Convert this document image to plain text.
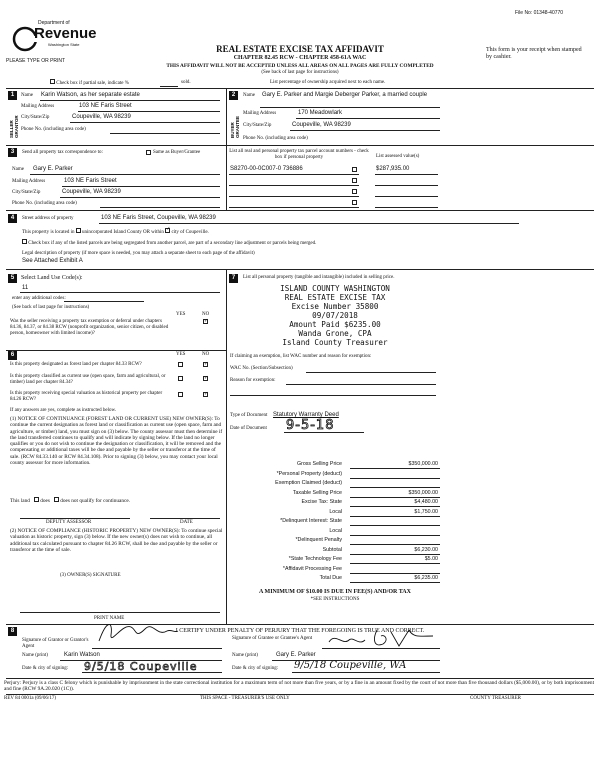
File No: 01348-40770
Department of
Revenue
Washington State
PLEASE TYPE OR PRINT
REAL ESTATE EXCISE TAX AFFIDAVIT
CHAPTER 82.45 RCW - CHAPTER 458-61A WAC
THIS AFFIDAVIT WILL NOT BE ACCEPTED UNLESS ALL AREAS ON ALL PAGES ARE FULLY COMPLETED
(See back of last page for instructions)
This form is your receipt when stamped by cashier.
Check box if partial sale, indicate %	sold.	List percentage of ownership acquired next to each name.
1
SELLER GRANTOR
Name Karin Watson, as her separate estate
Mailing Address	103 NE Faris Street
City/State/Zip	Coupeville, WA 98239
Phone No. (including area code)
2
BUYER GRANTEE
Name Gary E. Parker and Margie Deberger Parker, a married couple
Mailing Address	170 Meadowlark
City/State/Zip	Coupeville, WA 98239
Phone No. (including area code)
3	Send all property tax correspondence to:	Same as Buyer/Grantee	List all real and personal property tax parcel account numbers - check box if personal property	List assessed value(s)
S8270-00-0C007-0 736886	$287,935.00
Name Gary E. Parker
Mailing Address	103 NE Faris Street
City/State/Zip	Coupeville, WA 98239
Phone No. (including area code)
4	Street address of property	103 NE Faris Street, Coupeville, WA 98239
This property is located in unincorporated Island County OR within ✓ city of Coupeville.
Check box if any of the listed parcels are being segregated from another parcel, are part of a secondary line adjustment or parcels being merged.
Legal description of property (if more space is needed, you may attach a separate sheet to each page of the affidavit)
See Attached Exhibit A
5	Select Land Use Code(s):
11
enter any additional codes:
(See back of last page for instructions)
YES	NO
Was the seller receiving a property tax exemption or deferral under chapters 84.36, 84.37, or 84.38 RCW (nonprofit organization, senior citizen, or disabled person, homeowner with limited income)?
✓
6	YES	NO
Is this property designated as forest land per chapter 84.33 RCW?
✓
Is this property classified as current use (open space, farm and agricultural, or timber) land per chapter 84.34?
✓
Is this property receiving special valuation as historical property per chapter 84.26 RCW?
✓
If any answers are yes, complete as instructed below.
(1) NOTICE OF CONTINUANCE (FOREST LAND OR CURRENT USE) NEW OWNER(S): To continue the current designation as forest land or classification as current use (open space, farm and agriculture, or timber) land, you must sign on (3) below. The county assessor must then determine if the land transferred continues to qualify and will indicate by signing below. If the land no longer qualifies or you do not wish to continue the designation or classification, it will be removed and the compensating or additional taxes will be due and payable by the seller or transferor at the time of sale. (RCW 84.33.140 or RCW 84.34.108). Prior to signing (3) below, you may contact your local county assessor for more information.
This land does does not qualify for continuance.
DEPUTY ASSESSOR	DATE
(2) NOTICE OF COMPLIANCE (HISTORIC PROPERTY) NEW OWNER(S): To continue special valuation as historic property, sign (3) below. If the new owner(s) does not wish to continue, all additional tax calculated pursuant to chapter 84.26 RCW, shall be due and payable by the seller or transferor at the time of sale.
(3) OWNER(S) SIGNATURE
PRINT NAME
7	List all personal property (tangible and intangible) included in selling price.
ISLAND COUNTY WASHINGTON
REAL ESTATE EXCISE TAX
Excise Number 35800
09/07/2018
Amount Paid $6235.00
Wanda Grone, CPA
Island County Treasurer
If claiming an exemption, list WAC number and reason for exemption:
WAC No. (Section/Subsection)
Reason for exemption:
Type of Document Statutory Warranty Deed
Date of Document 9-5-18
Gross Selling Price	$350,000.00
*Personal Property (deduct)
Exemption Claimed (deduct)
Taxable Selling Price	$350,000.00
Excise Tax: State	$4,480.00
Local	$1,750.00
*Delinquent Interest: State
Local
*Delinquent Penalty
Subtotal	$6,230.00
*State Technology Fee	$5.00
*Affidavit Processing Fee
Total Due	$6,235.00
A MINIMUM OF $10.00 IS DUE IN FEE(S) AND/OR TAX
*SEE INSTRUCTIONS
8	I CERTIFY UNDER PENALTY OF PERJURY THAT THE FOREGOING IS TRUE AND CORRECT.
Signature of Grantor or Grantor's Agent
Name (print)	Karin Watson
Date & city of signing: 9/5/18 Coupeville
Signature of Grantee or Grantee's Agent
Name (print)	Gary E. Parker
Date & city of signing: 9/5/18 Coupeville, WA
Perjury: Perjury is a class C felony which is punishable by imprisonment in the state correctional institution for a maximum term of not more than five years, or by a fine in an amount fixed by the court of not more than five thousand dollars ($5,000.00), or by both imprisonment and fine (RCW 9A.20.020 (1C)).
REV 84 0001a (09/06/17)	THIS SPACE - TREASURER'S USE ONLY	COUNTY TREASURER
